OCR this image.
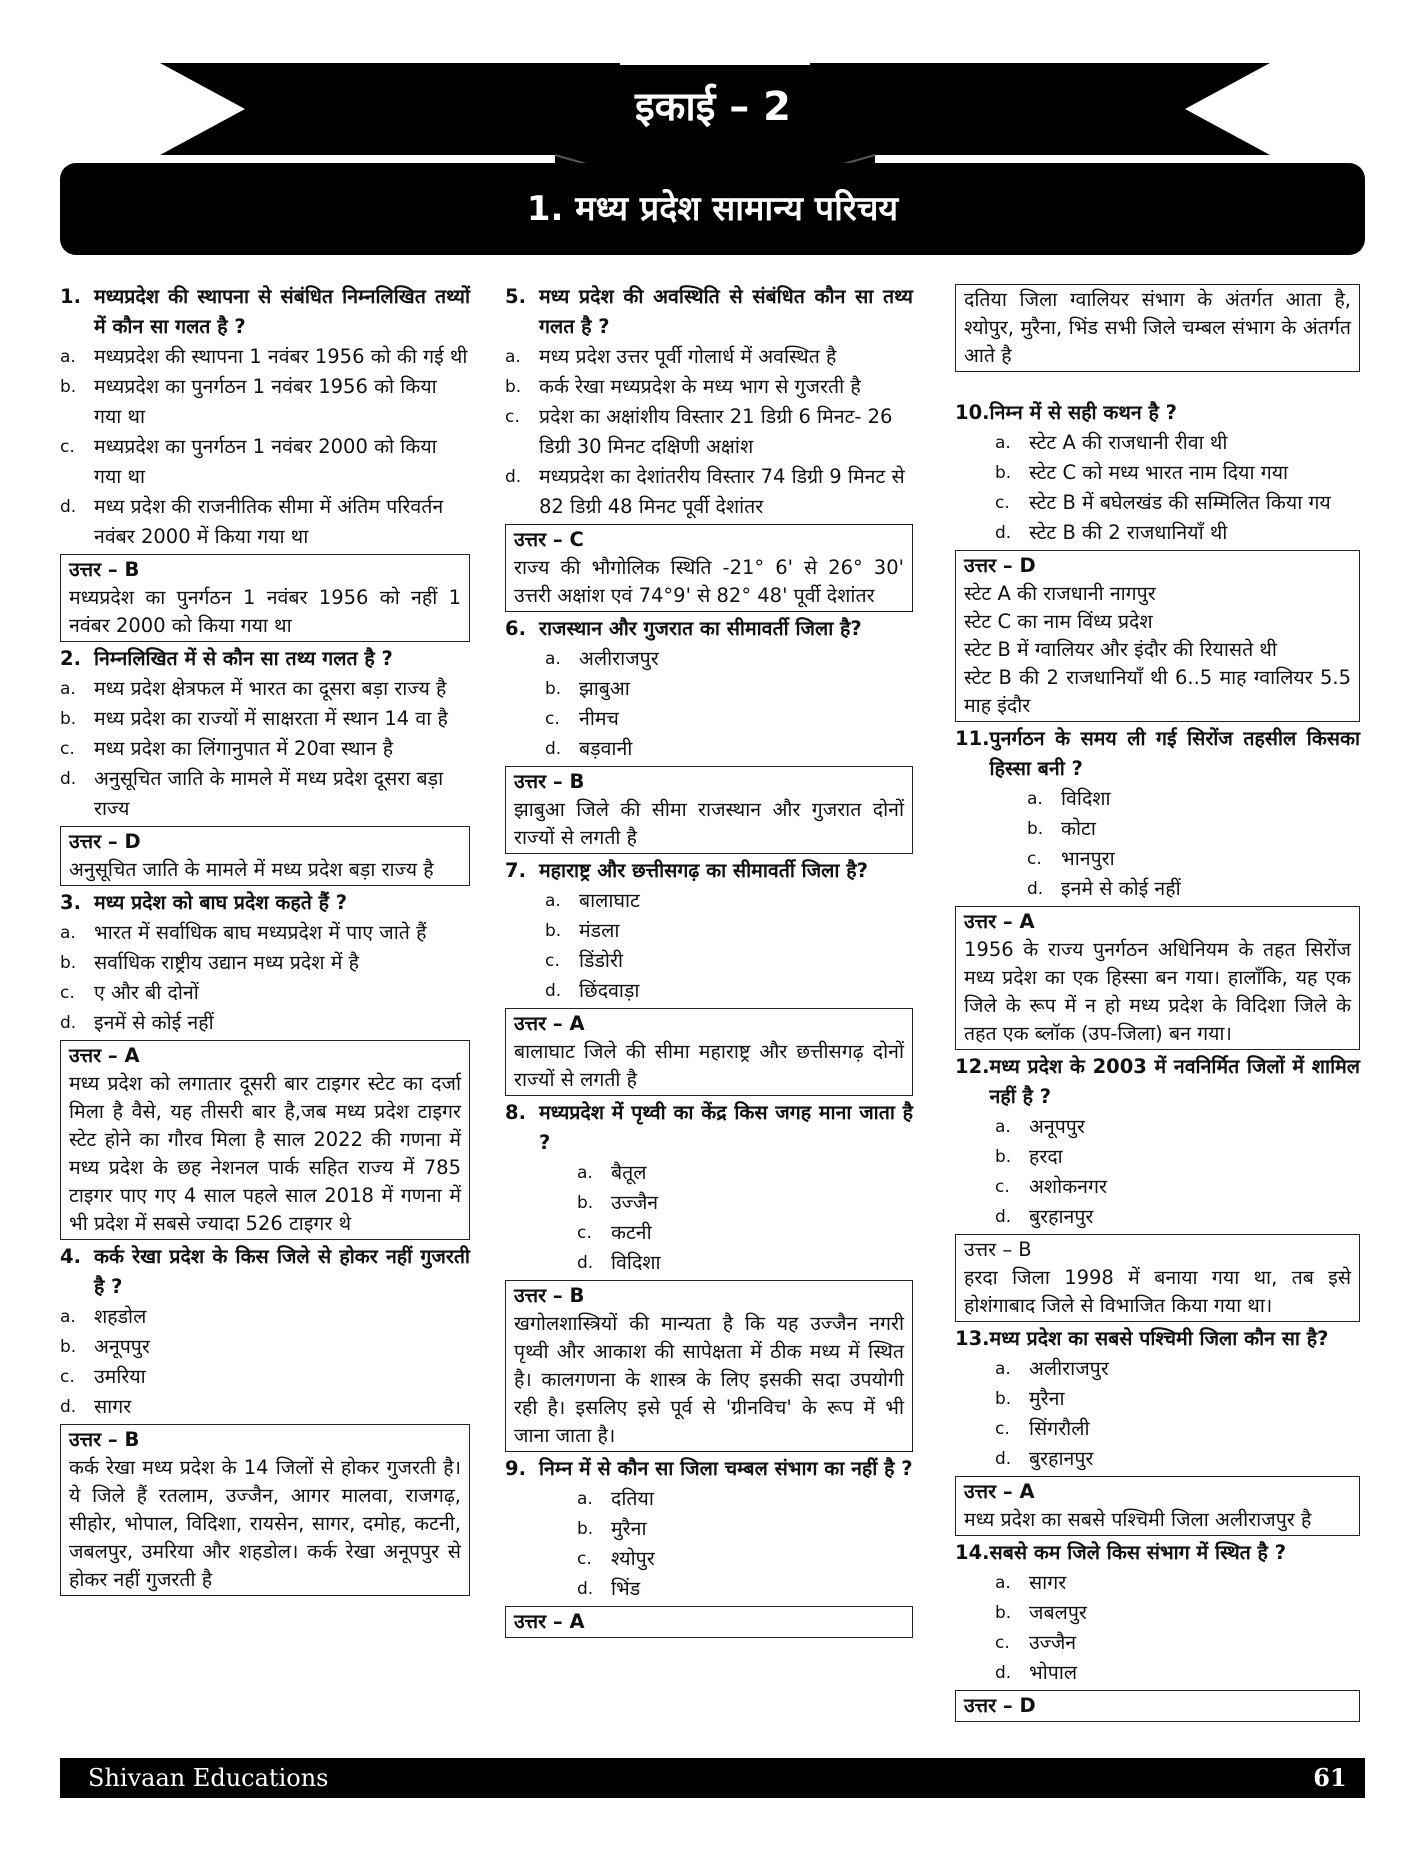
इकाई – 2
1. मध्य प्रदेश सामान्य परिचय
1. मध्यप्रदेश की स्थापना से संबंधित निम्नलिखित तथ्यों में कौन सा गलत है ?
a. मध्यप्रदेश की स्थापना 1 नवंबर 1956 को की गई थी
b. मध्यप्रदेश का पुनर्गठन 1 नवंबर 1956 को किया गया था
c. मध्यप्रदेश का पुनर्गठन 1 नवंबर 2000 को किया गया था
d. मध्य प्रदेश की राजनीतिक सीमा में अंतिम परिवर्तन नवंबर 2000 में किया गया था
उत्तर – B
मध्यप्रदेश का पुनर्गठन 1 नवंबर 1956 को नहीं 1 नवंबर 2000 को किया गया था
2. निम्नलिखित में से कौन सा तथ्य गलत है ?
a. मध्य प्रदेश क्षेत्रफल में भारत का दूसरा बड़ा राज्य है
b. मध्य प्रदेश का राज्यों में साक्षरता में स्थान 14 वा है
c. मध्य प्रदेश का लिंगानुपात में 20वा स्थान है
d. अनुसूचित जाति के मामले में मध्य प्रदेश दूसरा बड़ा राज्य
उत्तर – D
अनुसूचित जाति के मामले में मध्य प्रदेश बड़ा राज्य है
3. मध्य प्रदेश को बाघ प्रदेश कहते हैं ?
a. भारत में सर्वाधिक बाघ मध्यप्रदेश में पाए जाते हैं
b. सर्वाधिक राष्ट्रीय उद्यान मध्य प्रदेश में है
c. ए और बी दोनों
d. इनमें से कोई नहीं
उत्तर – A
मध्य प्रदेश को लगातार दूसरी बार टाइगर स्टेट का दर्जा मिला है वैसे, यह तीसरी बार है,जब मध्य प्रदेश टाइगर स्टेट होने का गौरव मिला है साल 2022 की गणना में मध्य प्रदेश के छह नेशनल पार्क सहित राज्य में 785 टाइगर पाए गए 4 साल पहले साल 2018 में गणना में भी प्रदेश में सबसे ज्यादा 526 टाइगर थे
4. कर्क रेखा प्रदेश के किस जिले से होकर नहीं गुजरती है ?
a. शहडोल
b. अनूपपुर
c. उमरिया
d. सागर
उत्तर – B
कर्क रेखा मध्य प्रदेश के 14 जिलों से होकर गुजरती है। ये जिले हैं रतलाम, उज्जैन, आगर मालवा, राजगढ़, सीहोर, भोपाल, विदिशा, रायसेन, सागर, दमोह, कटनी, जबलपुर, उमरिया और शहडोल। कर्क रेखा अनूपपुर से होकर नहीं गुजरती है
5. मध्य प्रदेश की अवस्थिति से संबंधित कौन सा तथ्य गलत है ?
a. मध्य प्रदेश उत्तर पूर्वी गोलार्ध में अवस्थित है
b. कर्क रेखा मध्यप्रदेश के मध्य भाग से गुजरती है
c. प्रदेश का अक्षांशीय विस्तार 21 डिग्री 6 मिनट- 26 डिग्री 30 मिनट दक्षिणी अक्षांश
d. मध्यप्रदेश का देशांतरीय विस्तार 74 डिग्री 9 मिनट से 82 डिग्री 48 मिनट पूर्वी देशांतर
उत्तर – C
राज्य की भौगोलिक स्थिति -21° 6' से 26° 30' उत्तरी अक्षांश एवं 74°9' से 82° 48' पूर्वी देशांतर
6. राजस्थान और गुजरात का सीमावर्ती जिला है?
a. अलीराजपुर
b. झाबुआ
c. नीमच
d. बड़वानी
उत्तर – B
झाबुआ जिले की सीमा राजस्थान और गुजरात दोनों राज्यों से लगती है
7. महाराष्ट्र और छत्तीसगढ़ का सीमावर्ती जिला है?
a. बालाघाट
b. मंडला
c. डिंडोरी
d. छिंदवाड़ा
उत्तर – A
बालाघाट जिले की सीमा महाराष्ट्र और छत्तीसगढ़ दोनों राज्यों से लगती है
8. मध्यप्रदेश में पृथ्वी का केंद्र किस जगह माना जाता है ?
a. बैतूल
b. उज्जैन
c. कटनी
d. विदिशा
उत्तर – B
खगोलशास्त्रियों की मान्यता है कि यह उज्जैन नगरी पृथ्वी और आकाश की सापेक्षता में ठीक मध्य में स्थित है। कालगणना के शास्त्र के लिए इसकी सदा उपयोगी रही है। इसलिए इसे पूर्व से 'ग्रीनविच' के रूप में भी जाना जाता है।
9. निम्न में से कौन सा जिला चम्बल संभाग का नहीं है ?
a. दतिया
b. मुरैना
c. श्योपुर
d. भिंड
उत्तर – A
दतिया जिला ग्वालियर संभाग के अंतर्गत आता है, श्योपुर, मुरैना, भिंड सभी जिले चम्बल संभाग के अंतर्गत आते है
10. निम्न में से सही कथन है ?
a. स्टेट A की राजधानी रीवा थी
b. स्टेट C को मध्य भारत नाम दिया गया
c. स्टेट B में बघेलखंड की सम्मिलित किया गय
d. स्टेट B की 2 राजधानियाँ थी
उत्तर – D
स्टेट A की राजधानी नागपुर
स्टेट C का नाम विंध्य प्रदेश
स्टेट B में ग्वालियर और इंदौर की रियासते थी
स्टेट B की 2 राजधानियाँ थी 6..5 माह ग्वालियर 5.5 माह इंदौर
11. पुनर्गठन के समय ली गई सिरोंज तहसील किसका हिस्सा बनी ?
a. विदिशा
b. कोटा
c. भानपुरा
d. इनमे से कोई नहीं
उत्तर – A
1956 के राज्य पुनर्गठन अधिनियम के तहत सिरोंज मध्य प्रदेश का एक हिस्सा बन गया। हालाँकि, यह एक जिले के रूप में न हो मध्य प्रदेश के विदिशा जिले के तहत एक ब्लॉक (उप-जिला) बन गया।
12. मध्य प्रदेश के 2003 में नवनिर्मित जिलों में शामिल नहीं है ?
a. अनूपपुर
b. हरदा
c. अशोकनगर
d. बुरहानपुर
उत्तर – B
हरदा जिला 1998 में बनाया गया था, तब इसे होशंगाबाद जिले से विभाजित किया गया था।
13. मध्य प्रदेश का सबसे पश्चिमी जिला कौन सा है?
a. अलीराजपुर
b. मुरैना
c. सिंगरौली
d. बुरहानपुर
उत्तर – A
मध्य प्रदेश का सबसे पश्चिमी जिला अलीराजपुर है
14. सबसे कम जिले किस संभाग में स्थित है ?
a. सागर
b. जबलपुर
c. उज्जैन
d. भोपाल
उत्तर – D
Shivaan Educations	61
